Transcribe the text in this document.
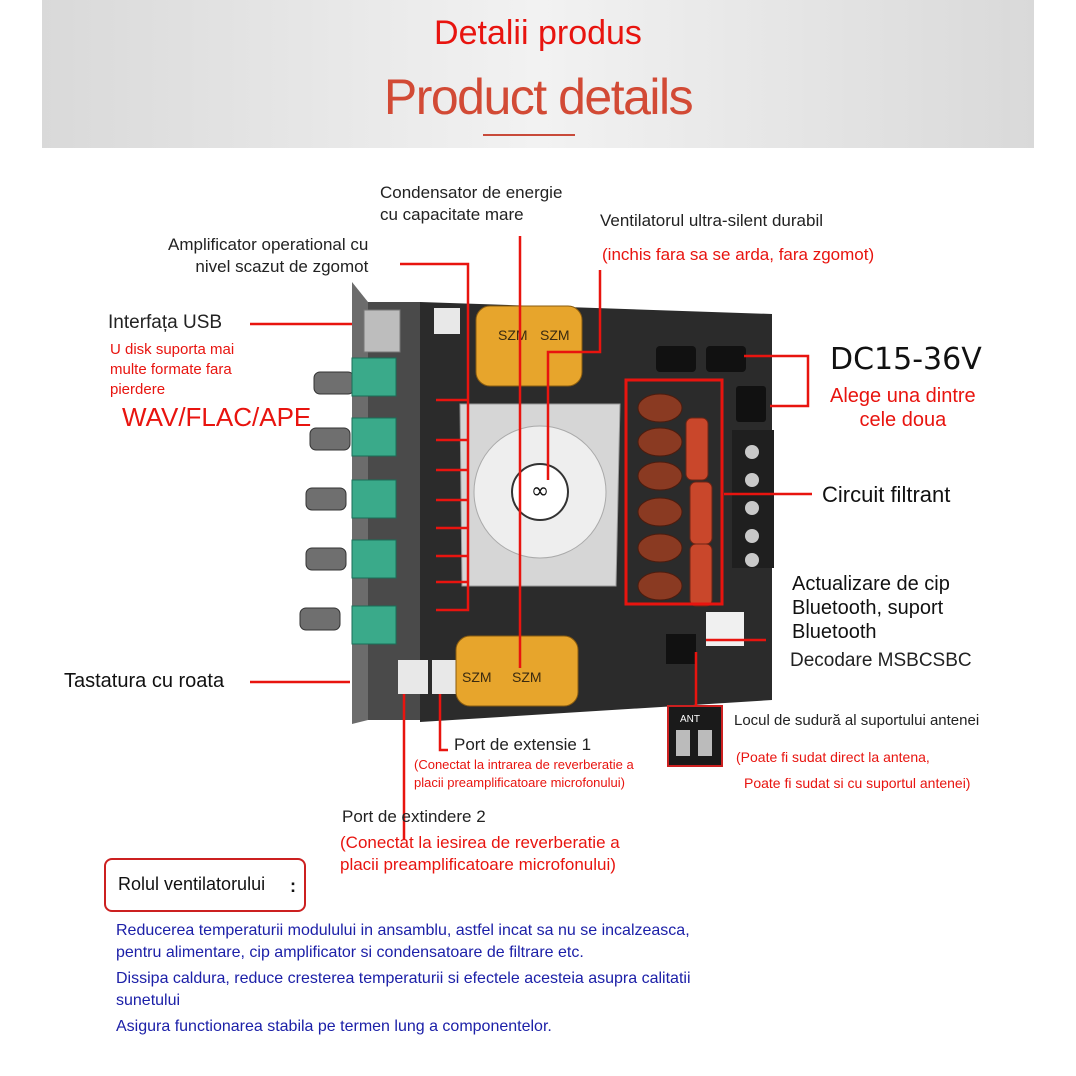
Detalii produs
Product details
∞
SZM SZM
SZM SZM
ANT
Condensator de energie
cu capacitate mare	Ventilatorul ultra-silent durabil
(inchis fara sa se arda, fara zgomot)
Amplificator operational cu
nivel scazut de zgomot
Interfața USB
U disk suporta mai
multe formate fara
pierdere
WAV/FLAC/APE
DC15-36V
Alege una dintre
cele doua
Circuit filtrant
Actualizare de cip
Bluetooth, suport
Bluetooth
Decodare MSBCSBC
Tastatura cu roata
Locul de sudură al suportului antenei
(Poate fi sudat direct la antena,
Poate fi sudat si cu suportul antenei)
Port de extensie 1
(Conectat la intrarea de reverberatie a
placii preamplificatoare microfonului)
Port de extindere 2
(Conectat la iesirea de reverberatie a
placii preamplificatoare microfonului)
Rolul ventilatorului :
Reducerea temperaturii modulului in ansamblu, astfel incat sa nu se incalzeasca,
pentru alimentare, cip amplificator si condensatoare de filtrare etc.
Dissipa caldura, reduce cresterea temperaturii si efectele acesteia asupra calitatii
sunetului
Asigura functionarea stabila pe termen lung a componentelor.
